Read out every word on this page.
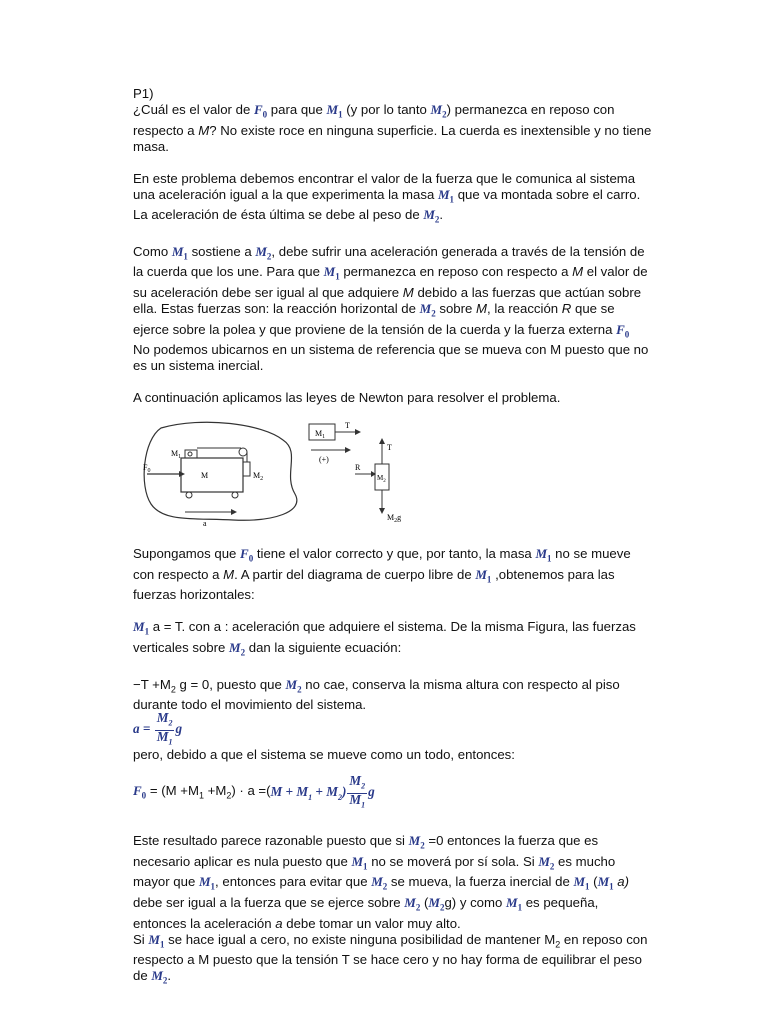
P1)

¿Cuál es el valor de $F_0$ para que $M_1$ (y por lo tanto $M_2$) permanezca en reposo con respecto a M? No existe roce en ninguna superficie. La cuerda es inextensible y no tiene masa.

En este problema debemos encontrar el valor de la fuerza que le comunica al sistema una aceleración igual a la que experimenta la masa $M_1$ que va montada sobre el carro. La aceleración de ésta última se debe al peso de $M_2$.

Como $M_1$ sostiene a $M_2$, debe sufrir una aceleración generada a través de la tensión de la cuerda que los une. Para que $M_1$ permanezca en reposo con respecto a M el valor de su aceleración debe ser igual al que adquiere M debido a las fuerzas que actúan sobre ella. Estas fuerzas son: la reacción horizontal de $M_2$ sobre M, la reacción R que se ejerce sobre la polea y que proviene de la tensión de la cuerda y la fuerza externa $F_0$

No podemos ubicarnos en un sistema de referencia que se mueva con M puesto que no es un sistema inercial.

A continuación aplicamos las leyes de Newton para resolver el problema.

$F_0$
$M_1$
M	$M_2$
a
$M_1$
T
(+)
T
R
$M_2$
$M_2g$

Supongamos que $F_0$ tiene el valor correcto y que, por tanto, la masa $M_1$ no se mueve con respecto a M. A partir del diagrama de cuerpo libre de $M_1$ ,obtenemos para las fuerzas horizontales:

$M_1$ a = T. con a : aceleración que adquiere el sistema. De la misma Figura, las fuerzas verticales sobre $M_2$ dan la siguiente ecuación:

$-T +M_2$ g = 0, puesto que $M_2$ no cae, conserva la misma altura con respecto al piso durante todo el movimiento del sistema.

$a = \frac{M_2}{M_1}$ g

pero, debido a que el sistema se mueve como un todo, entonces:

$F_0$
= $(M +M_1 +M_2) \cdot a$ =( $M + M_1 + M_2) \frac{M_2}{M_1}$ g

Este resultado parece razonable puesto que si $M_2 =0$ entonces la fuerza que es necesario aplicar es nula puesto que $M_1$ no se moverá por sí sola. Si $M_2$ es mucho mayor que $M_1$, entonces para evitar que $M_2$ se mueva, la fuerza inercial de $M_1$ ($M_1$ a) debe ser igual a la fuerza que se ejerce sobre $M_2$ $(M_2g)$ y como $M_1$ es pequeña, entonces la aceleración a debe tomar un valor muy alto.

Si $M_1$ se hace igual a cero, no existe ninguna posibilidad de mantener $M_2$ en reposo con respecto a M puesto que la tensión T se hace cero y no hay forma de equilibrar el peso de $M_2$.
